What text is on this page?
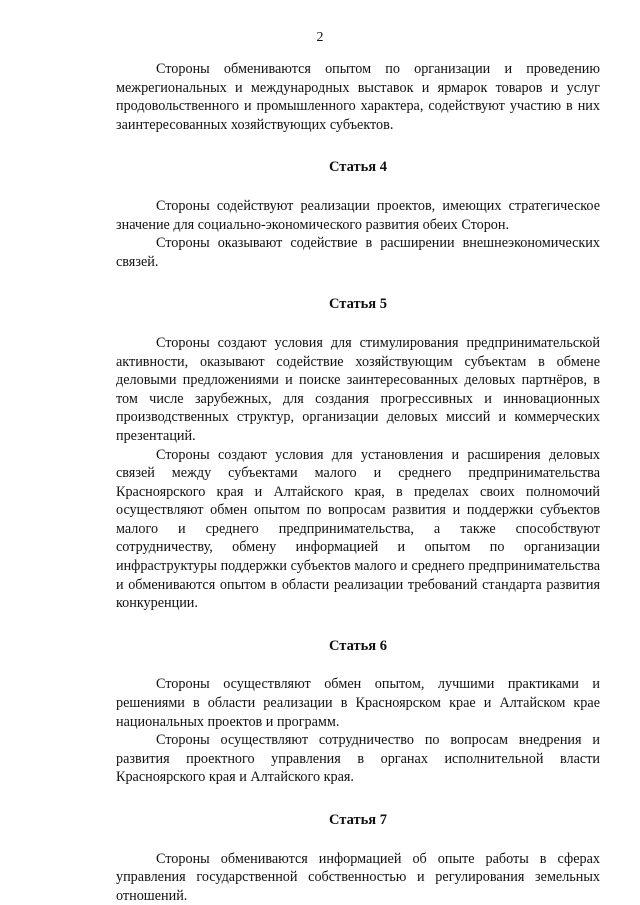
2

Стороны обмениваются опытом по организации и проведению межрегиональных и международных выставок и ярмарок товаров и услуг продовольственного и промышленного характера, содействуют участию в них заинтересованных хозяйствующих субъектов.

Статья 4

Стороны содействуют реализации проектов, имеющих стратегическое значение для социально-экономического развития обеих Сторон.

Стороны оказывают содействие в расширении внешнеэкономических связей.

Статья 5

Стороны создают условия для стимулирования предпринимательской активности, оказывают содействие хозяйствующим субъектам в обмене деловыми предложениями и поиске заинтересованных деловых партнёров, в том числе зарубежных, для создания прогрессивных и инновационных производственных структур, организации деловых миссий и коммерческих презентаций.

Стороны создают условия для установления и расширения деловых связей между субъектами малого и среднего предпринимательства Красноярского края и Алтайского края, в пределах своих полномочий осуществляют обмен опытом по вопросам развития и поддержки субъектов малого и среднего предпринимательства, а также способствуют сотрудничеству, обмену информацией и опытом по организации инфраструктуры поддержки субъектов малого и среднего предпринимательства и обмениваются опытом в области реализации требований стандарта развития конкуренции.

Статья 6

Стороны осуществляют обмен опытом, лучшими практиками и решениями в области реализации в Красноярском крае и Алтайском крае национальных проектов и программ.

Стороны осуществляют сотрудничество по вопросам внедрения и развития проектного управления в органах исполнительной власти Красноярского края и Алтайского края.

Статья 7

Стороны обмениваются информацией об опыте работы в сферах управления государственной собственностью и регулирования земельных отношений.
